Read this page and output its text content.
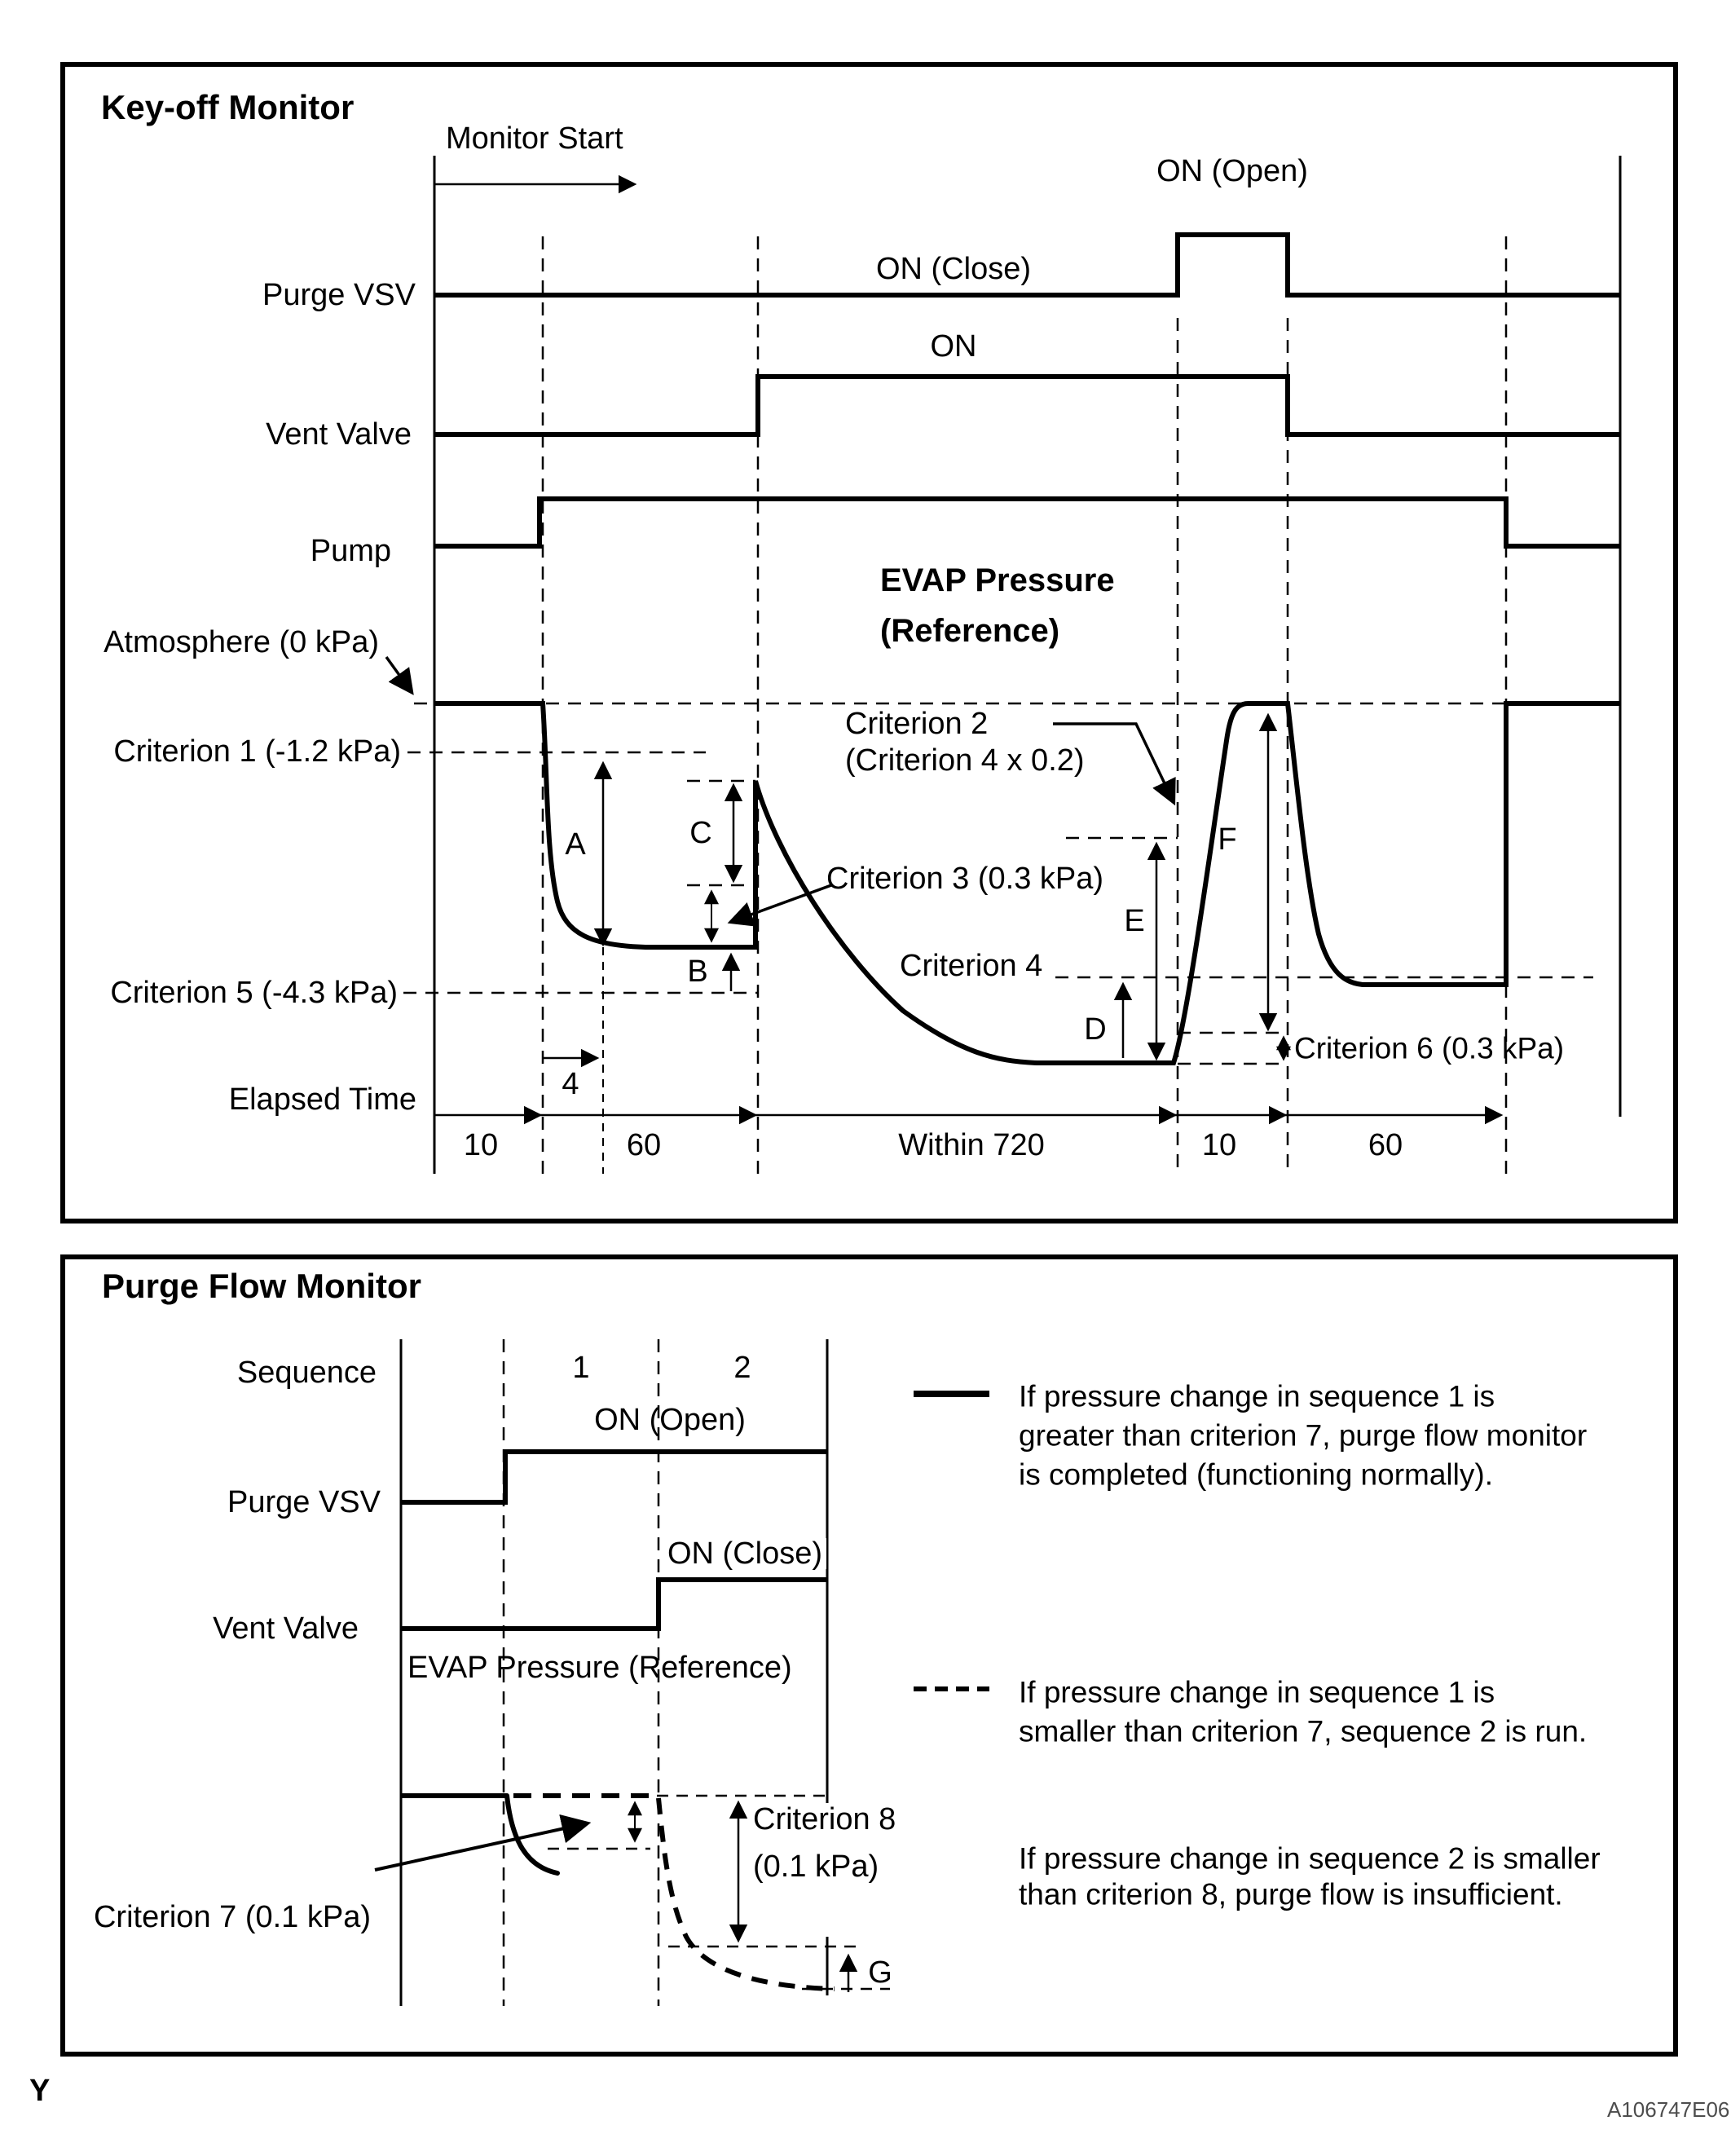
Key-off Monitor
Monitor Start
ON (Open)
ON (Close)
Purge VSV
ON
Vent Valve
Pump
EVAP Pressure
(Reference)
Atmosphere (0 kPa)
Criterion 1 (-1.2 kPa)
Criterion 2
(Criterion 4 x 0.2)
Criterion 3 (0.3 kPa)
Criterion 4
Criterion 5 (-4.3 kPa)
Criterion 6 (0.3 kPa)
A
B
C
D
E
F
4
Elapsed Time
10	60	Within 720	10	60
Purge Flow Monitor
Sequence	1	2
ON (Open)
Purge VSV
ON (Close)
Vent Valve
EVAP Pressure (Reference)
Criterion 7 (0.1 kPa)
Criterion 8
(0.1 kPa)
G
If pressure change in sequence 1 is
greater than criterion 7, purge flow monitor
is completed (functioning normally).
If pressure change in sequence 1 is
smaller than criterion 7, sequence 2 is run.
If pressure change in sequence 2 is smaller
than criterion 8, purge flow is insufficient.
Y
A106747E06
